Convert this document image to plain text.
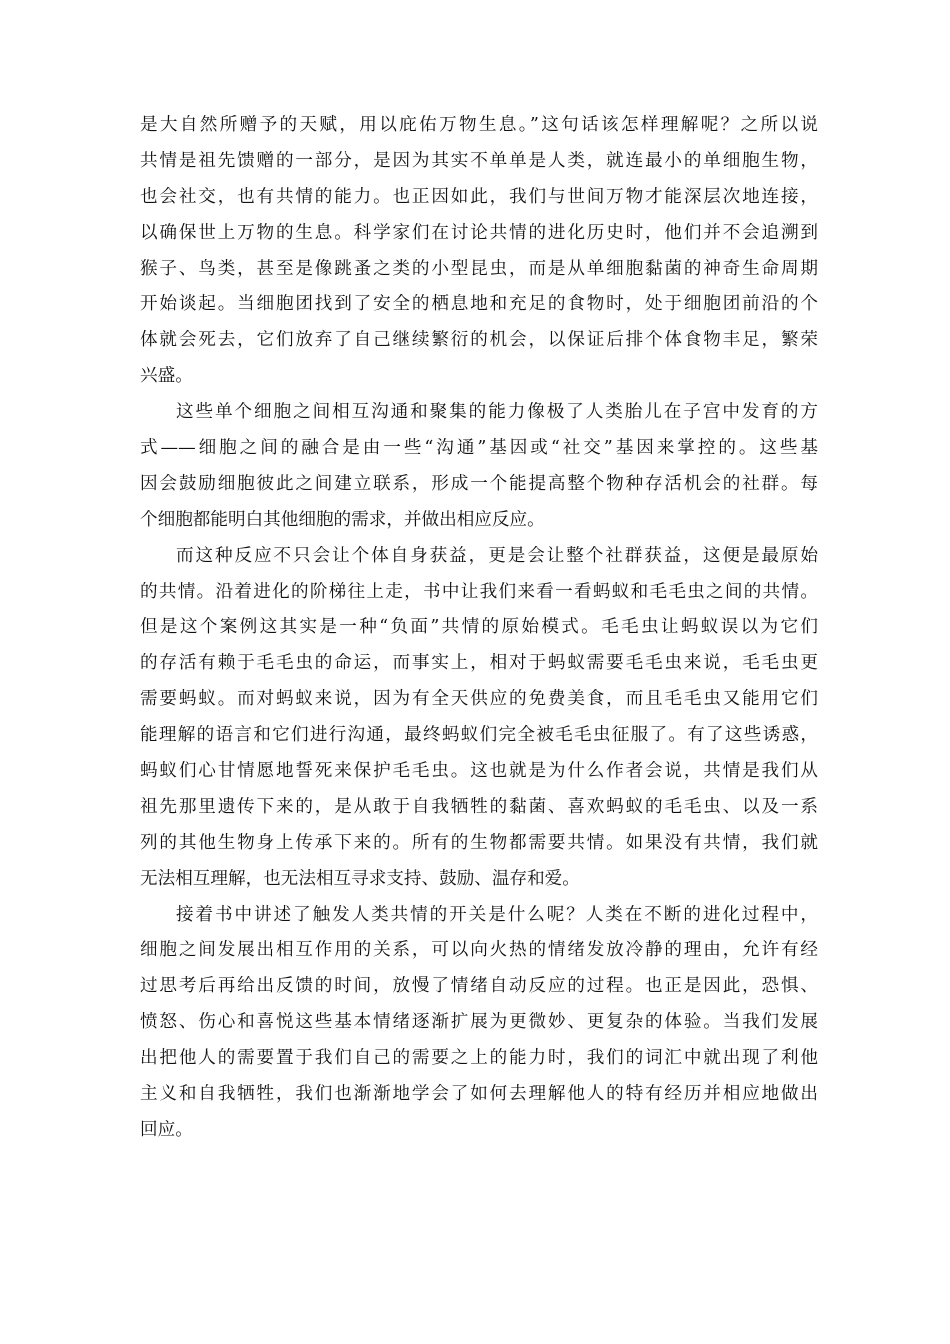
是大自然所赠予的天赋，用以庇佑万物生息。”这句话该怎样理解呢？之所以说
共情是祖先馈赠的一部分，是因为其实不单单是人类，就连最小的单细胞生物，
也会社交，也有共情的能力。也正因如此，我们与世间万物才能深层次地连接，
以确保世上万物的生息。科学家们在讨论共情的进化历史时，他们并不会追溯到
猴子、鸟类，甚至是像跳蚤之类的小型昆虫，而是从单细胞黏菌的神奇生命周期
开始谈起。当细胞团找到了安全的栖息地和充足的食物时，处于细胞团前沿的个
体就会死去，它们放弃了自己继续繁衍的机会，以保证后排个体食物丰足，繁荣
兴盛。
这些单个细胞之间相互沟通和聚集的能力像极了人类胎儿在子宫中发育的方
式——细胞之间的融合是由一些“沟通”基因或“社交”基因来掌控的。这些基
因会鼓励细胞彼此之间建立联系，形成一个能提高整个物种存活机会的社群。每
个细胞都能明白其他细胞的需求，并做出相应反应。
而这种反应不只会让个体自身获益，更是会让整个社群获益，这便是最原始
的共情。沿着进化的阶梯往上走，书中让我们来看一看蚂蚁和毛毛虫之间的共情。
但是这个案例这其实是一种“负面”共情的原始模式。毛毛虫让蚂蚁误以为它们
的存活有赖于毛毛虫的命运，而事实上，相对于蚂蚁需要毛毛虫来说，毛毛虫更
需要蚂蚁。而对蚂蚁来说，因为有全天供应的免费美食，而且毛毛虫又能用它们
能理解的语言和它们进行沟通，最终蚂蚁们完全被毛毛虫征服了。有了这些诱惑，
蚂蚁们心甘情愿地誓死来保护毛毛虫。这也就是为什么作者会说，共情是我们从
祖先那里遗传下来的，是从敢于自我牺牲的黏菌、喜欢蚂蚁的毛毛虫、以及一系
列的其他生物身上传承下来的。所有的生物都需要共情。如果没有共情，我们就
无法相互理解，也无法相互寻求支持、鼓励、温存和爱。
接着书中讲述了触发人类共情的开关是什么呢？人类在不断的进化过程中，
细胞之间发展出相互作用的关系，可以向火热的情绪发放冷静的理由，允许有经
过思考后再给出反馈的时间，放慢了情绪自动反应的过程。也正是因此，恐惧、
愤怒、伤心和喜悦这些基本情绪逐渐扩展为更微妙、更复杂的体验。当我们发展
出把他人的需要置于我们自己的需要之上的能力时，我们的词汇中就出现了利他
主义和自我牺牲，我们也渐渐地学会了如何去理解他人的特有经历并相应地做出
回应。
